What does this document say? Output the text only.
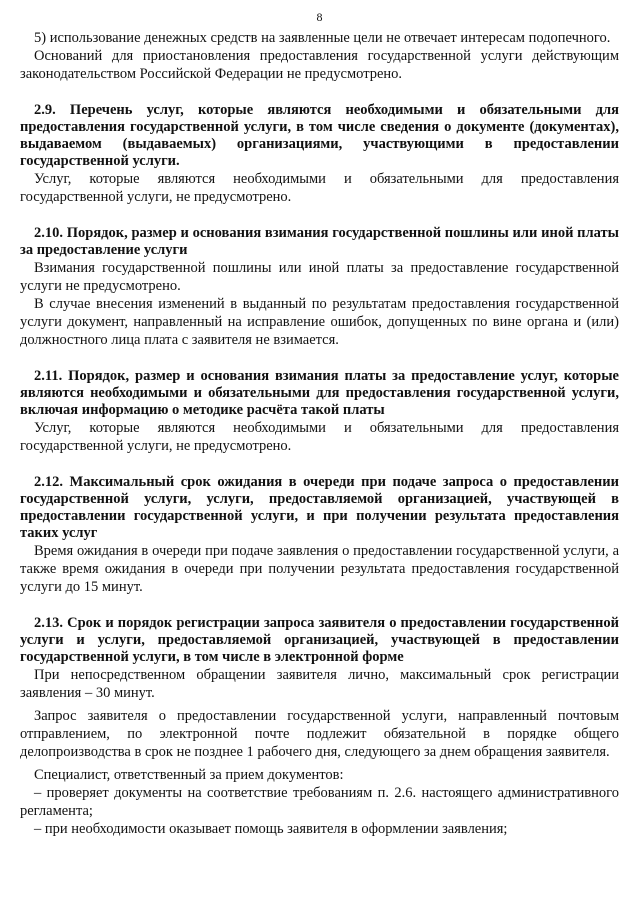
8

5) использование денежных средств на заявленные цели не отвечает интересам подопечного.

Оснований для приостановления предоставления государственной услуги действующим законодательством Российской Федерации не предусмотрено.

2.9. Перечень услуг, которые являются необходимыми и обязательными для предоставления государственной услуги, в том числе сведения о документе (документах), выдаваемом (выдаваемых) организациями, участвующими в предоставлении государственной услуги.

Услуг, которые являются необходимыми и обязательными для предоставления государственной услуги, не предусмотрено.

2.10. Порядок, размер и основания взимания государственной пошлины или иной платы за предоставление услуги

Взимания государственной пошлины или иной платы за предоставление государственной услуги не предусмотрено.

В случае внесения изменений в выданный по результатам предоставления государственной услуги документ, направленный на исправление ошибок, допущенных по вине органа и (или) должностного лица плата с заявителя не взимается.

2.11. Порядок, размер и основания взимания платы за предоставление услуг, которые являются необходимыми и обязательными для предоставления государственной услуги, включая информацию о методике расчёта такой платы

Услуг, которые являются необходимыми и обязательными для предоставления государственной услуги, не предусмотрено.

2.12. Максимальный срок ожидания в очереди при подаче запроса о предоставлении государственной услуги, услуги, предоставляемой организацией, участвующей в предоставлении государственной услуги, и при получении результата предоставления таких услуг

Время ожидания в очереди при подаче заявления о предоставлении государственной услуги, а также время ожидания в очереди при получении результата предоставления государственной услуги до 15 минут.

2.13. Срок и порядок регистрации запроса заявителя о предоставлении государственной услуги и услуги, предоставляемой организацией, участвующей в предоставлении государственной услуги, в том числе в электронной форме

При непосредственном обращении заявителя лично, максимальный срок регистрации заявления – 30 минут.

Запрос заявителя о предоставлении государственной услуги, направленный почтовым отправлением, по электронной почте подлежит обязательной в порядке общего делопроизводства в срок не позднее 1 рабочего дня, следующего за днем обращения заявителя.

Специалист, ответственный за прием документов:

– проверяет документы на соответствие требованиям п. 2.6. настоящего административного регламента;

– при необходимости оказывает помощь заявителя в оформлении заявления;
